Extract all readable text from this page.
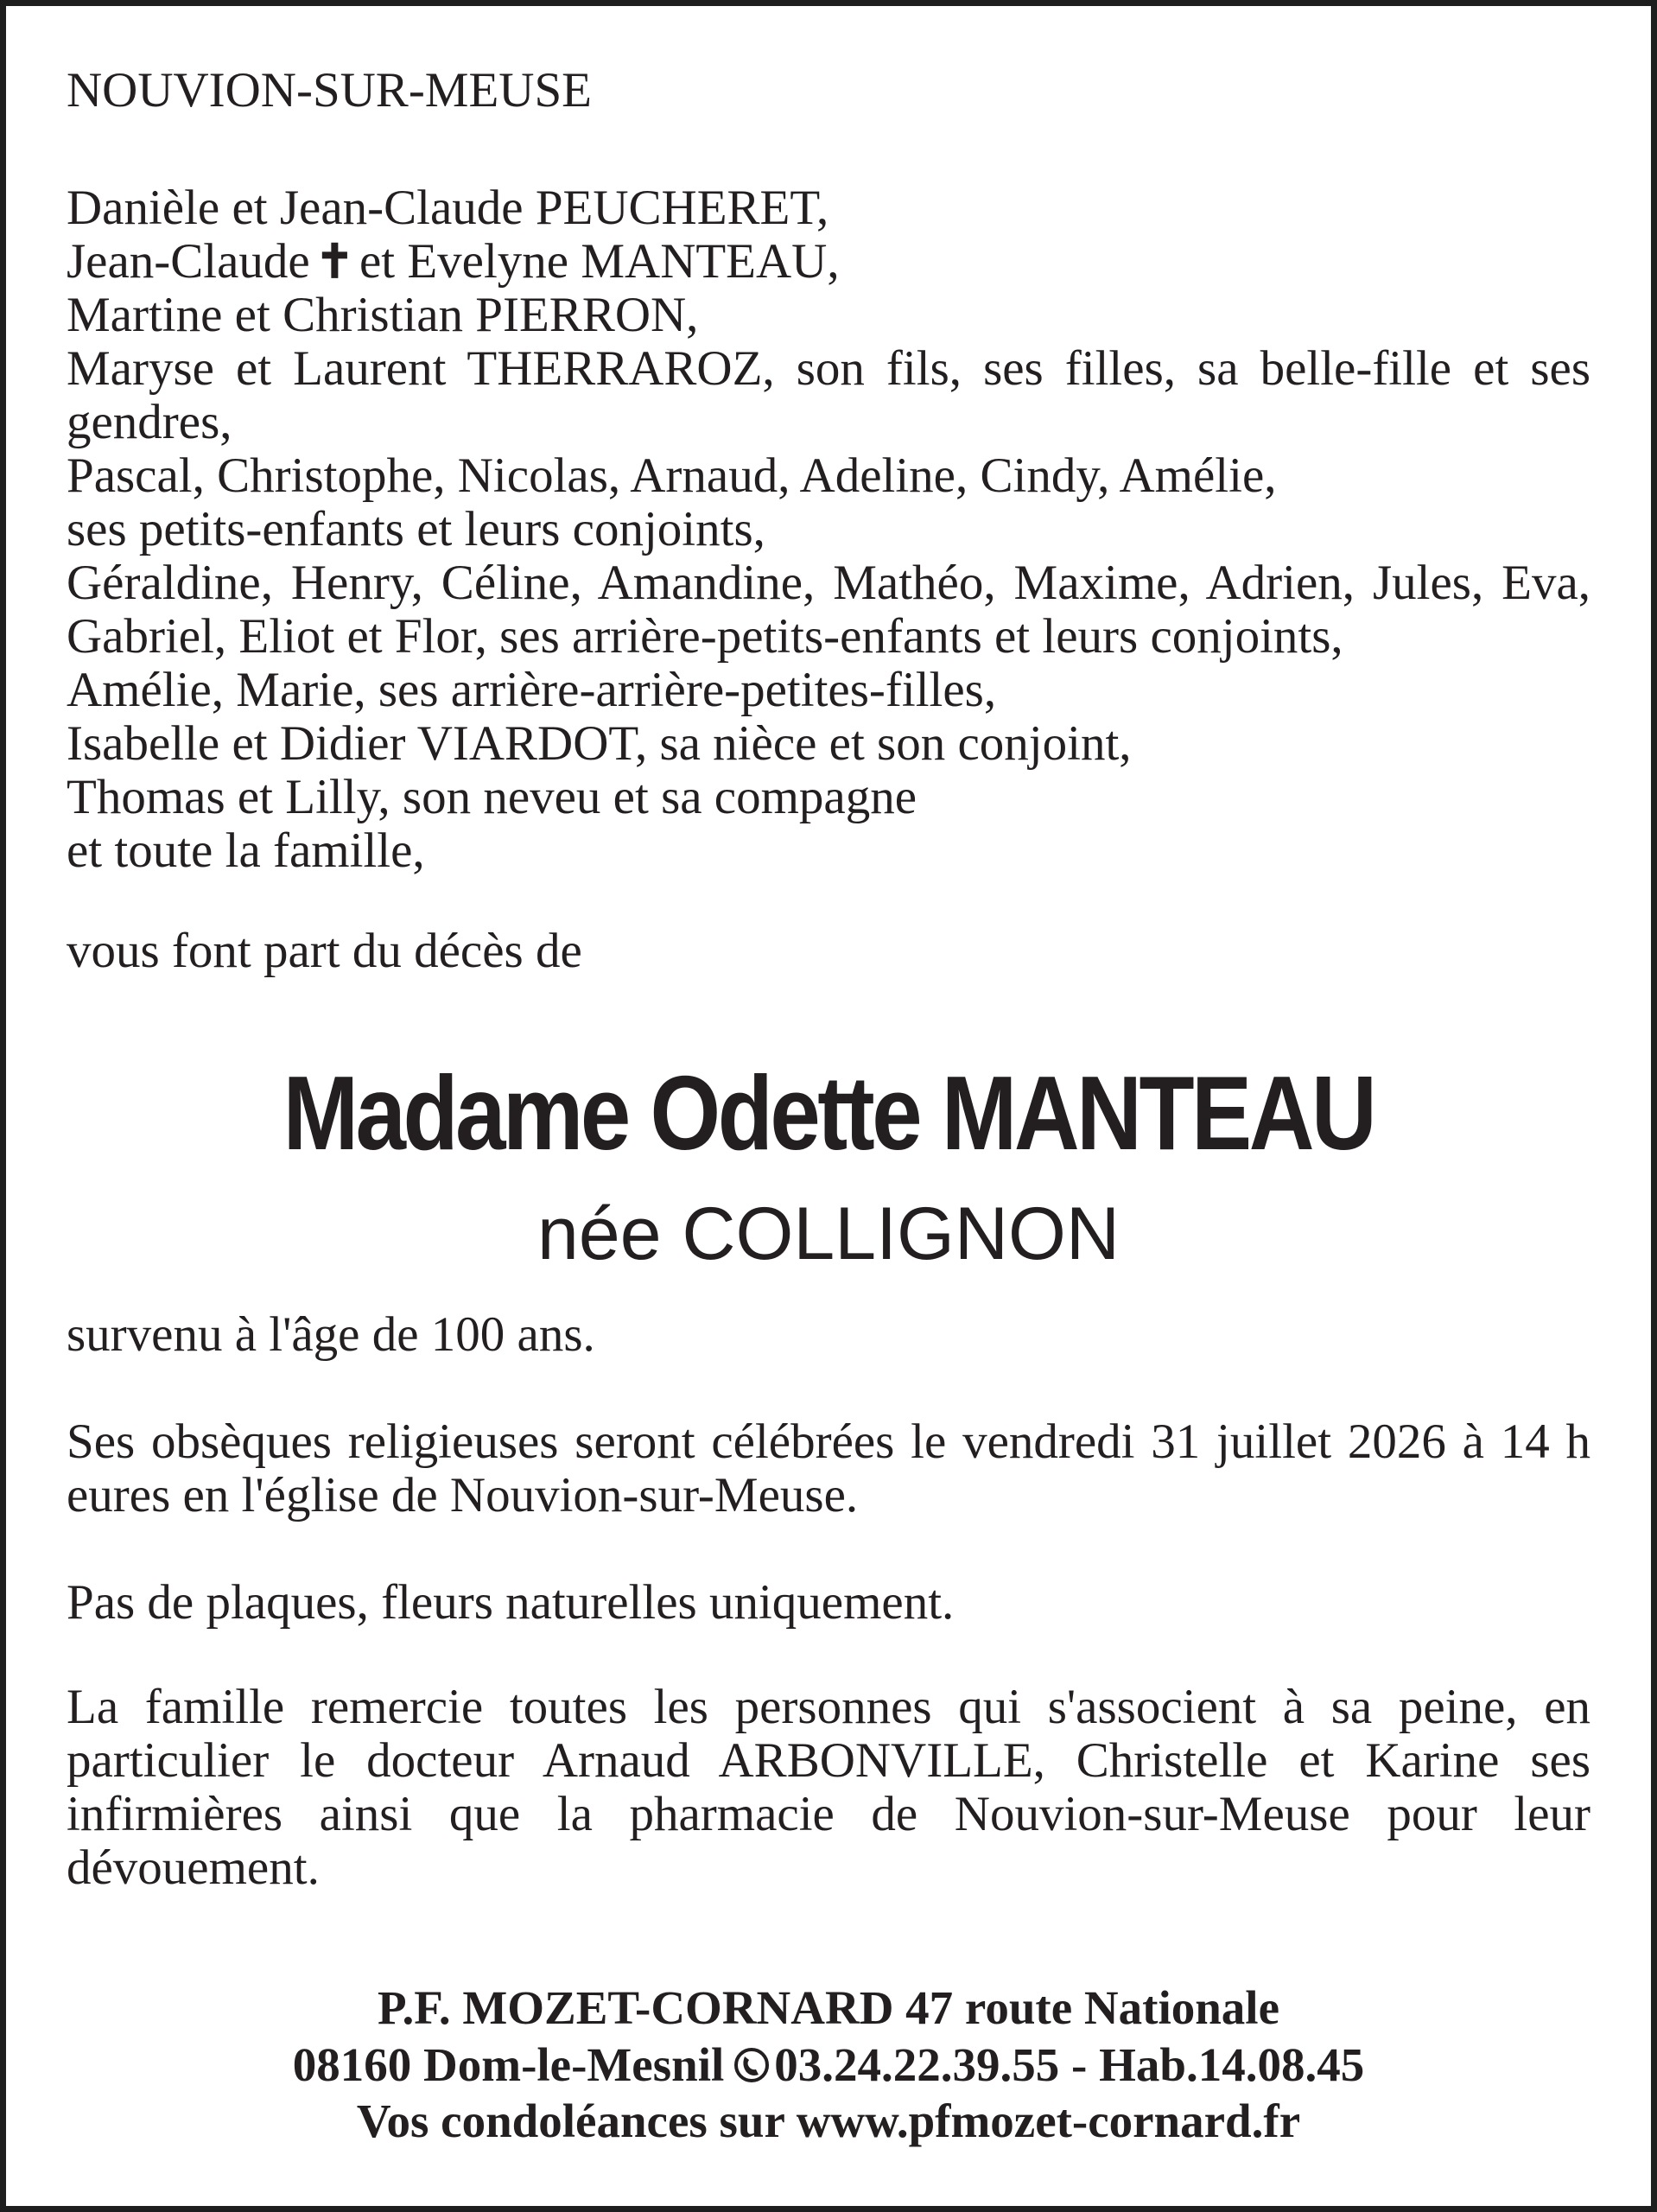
NOUVION-SUR-MEUSE

Danièle et Jean-Claude PEUCHERET,

Jean-Claude ✝ et Evelyne MANTEAU,

Martine et Christian PIERRON,

Maryse et Laurent THERRAROZ, son fils, ses filles, sa belle-fille et ses gendres,

Pascal, Christophe, Nicolas, Arnaud, Adeline, Cindy, Amélie,

ses petits-enfants et leurs conjoints,

Géraldine, Henry, Céline, Amandine, Mathéo, Maxime, Adrien, Jules, Eva, Gabriel, Eliot et Flor, ses arrière-petits-enfants et leurs conjoints,

Amélie, Marie, ses arrière-arrière-petites-filles,

Isabelle et Didier VIARDOT, sa nièce et son conjoint,

Thomas et Lilly, son neveu et sa compagne

et toute la famille,

vous font part du décès de

Madame Odette MANTEAU

née COLLIGNON

survenu à l'âge de 100 ans.

Ses obsèques religieuses seront célébrées le vendredi 31 juillet 2026 à 14 h eures en l'église de Nouvion-sur-Meuse.

Pas de plaques, fleurs naturelles uniquement.

La famille remercie toutes les personnes qui s'associent à sa peine, en particulier le docteur Arnaud ARBONVILLE, Christelle et Karine ses infirmières ainsi que la pharmacie de Nouvion-sur-Meuse pour leur dévouement.

P.F. MOZET-CORNARD 47 route Nationale

08160 Dom-le-Mesnil 03.24.22.39.55 - Hab.14.08.45

Vos condoléances sur www.pfmozet-cornard.fr
